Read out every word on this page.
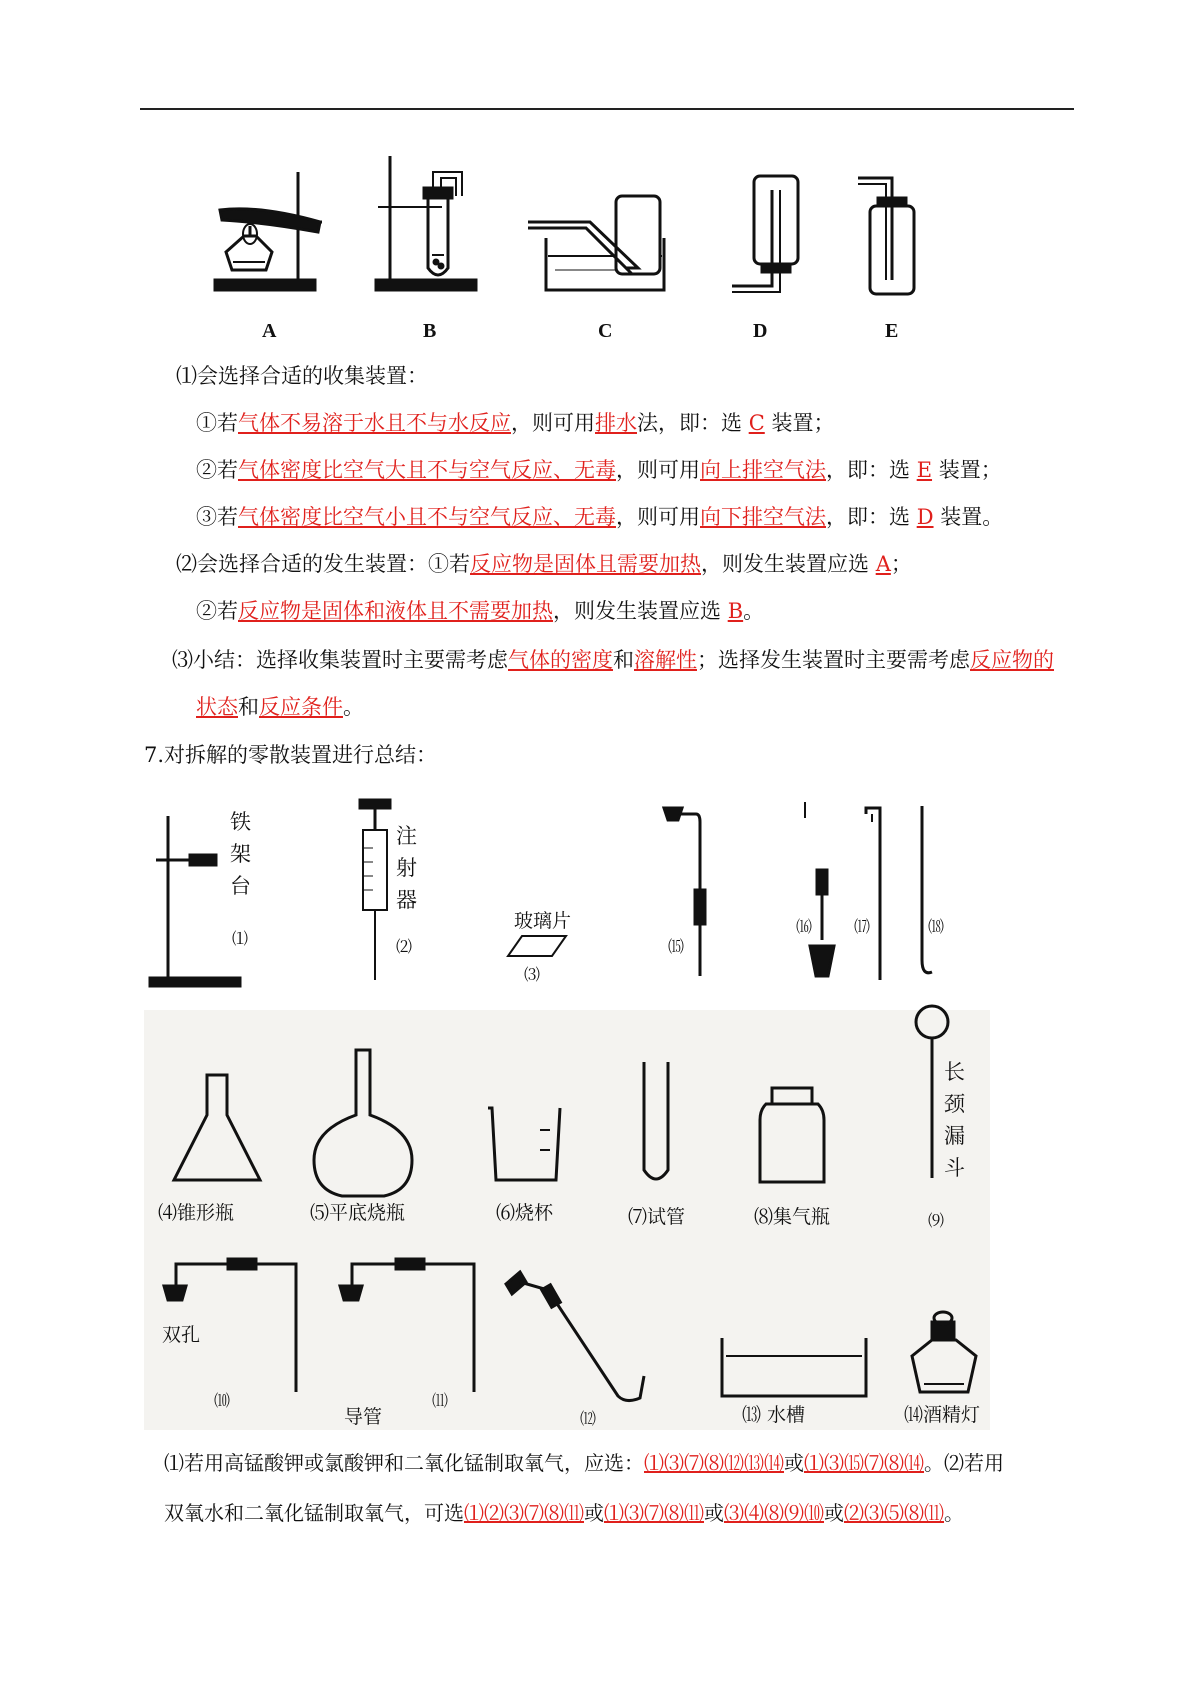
A	B	C	D	E
⑴会选择合适的收集装置：
①若气体不易溶于水且不与水反应，则可用排水法，即：选 C 装置；
②若气体密度比空气大且不与空气反应、无毒，则可用向上排空气法，即：选 E 装置；
③若气体密度比空气小且不与空气反应、无毒，则可用向下排空气法，即：选 D 装置。
⑵会选择合适的发生装置：①若反应物是固体且需要加热，则发生装置应选 A；
②若反应物是固体和液体且不需要加热，则发生装置应选 B。
⑶小结：选择收集装置时主要需考虑气体的密度和溶解性；选择发生装置时主要需考虑反应物的
状态和反应条件。
7.对拆解的零散装置进行总结：
铁架台
⑴
注射器
⑵
玻璃片
⑶
⒂
⒃	⒄	⒅
⑷锥形瓶	⑸平底烧瓶	⑹烧杯	⑺试管	⑻集气瓶
长颈漏斗
⑼
双孔
⑽
导管
⑾
⑿	⒀ 水槽	⒁酒精灯
⑴若用高锰酸钾或氯酸钾和二氧化锰制取氧气，应选：⑴⑶⑺⑻⑿⒀⒁或⑴⑶⒂⑺⑻⒁。⑵若用
双氧水和二氧化锰制取氧气，可选⑴⑵⑶⑺⑻⑾或⑴⑶⑺⑻⑾或⑶⑷⑻⑼⑽或⑵⑶⑸⑻⑾。
